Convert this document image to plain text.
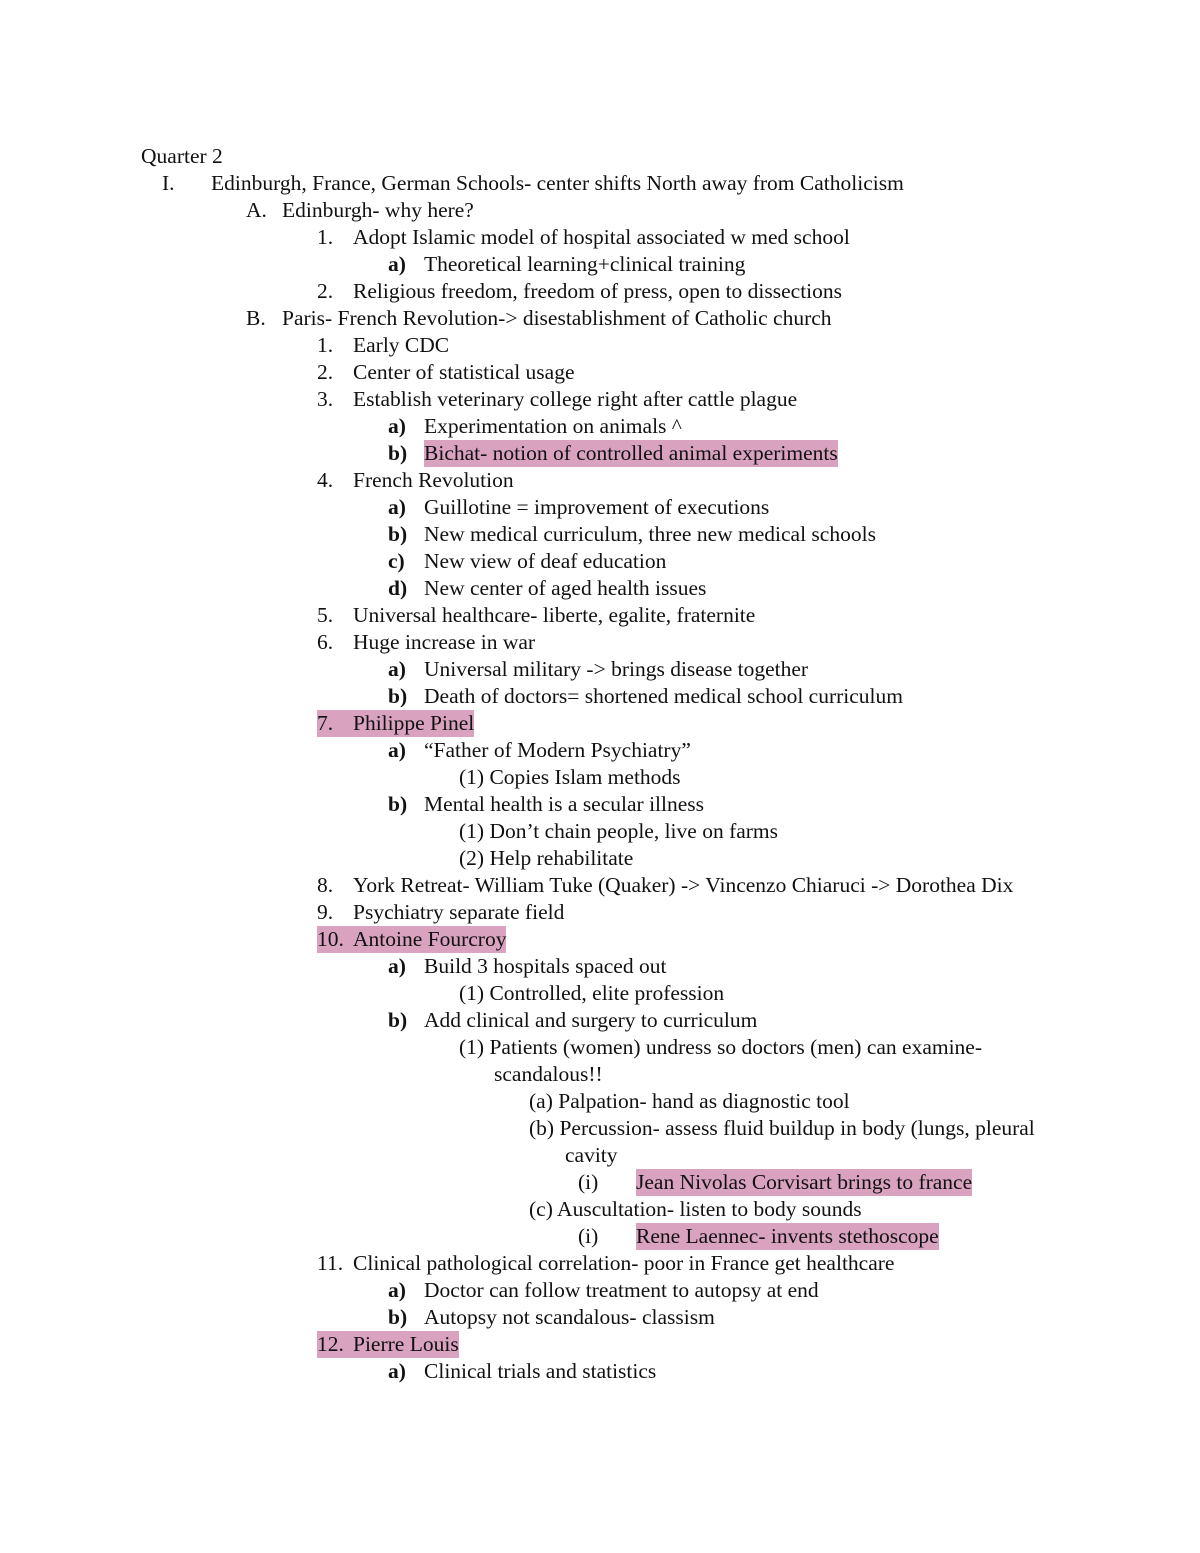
Quarter 2
I. Edinburgh, France, German Schools- center shifts North away from Catholicism
A. Edinburgh- why here?
1. Adopt Islamic model of hospital associated w med school
a) Theoretical learning+clinical training
2. Religious freedom, freedom of press, open to dissections
B. Paris- French Revolution-> disestablishment of Catholic church
1. Early CDC
2. Center of statistical usage
3. Establish veterinary college right after cattle plague
a) Experimentation on animals ^
b) Bichat- notion of controlled animal experiments
4. French Revolution
a) Guillotine = improvement of executions
b) New medical curriculum, three new medical schools
c) New view of deaf education
d) New center of aged health issues
5. Universal healthcare- liberte, egalite, fraternite
6. Huge increase in war
a) Universal military -> brings disease together
b) Death of doctors= shortened medical school curriculum
7. Philippe Pinel
a) “Father of Modern Psychiatry”
(1) Copies Islam methods
b) Mental health is a secular illness
(1) Don’t chain people, live on farms
(2) Help rehabilitate
8. York Retreat- William Tuke (Quaker) -> Vincenzo Chiaruci -> Dorothea Dix
9. Psychiatry separate field
10. Antoine Fourcroy
a) Build 3 hospitals spaced out
(1) Controlled, elite profession
b) Add clinical and surgery to curriculum
(1) Patients (women) undress so doctors (men) can examine-
scandalous!!
(a) Palpation- hand as diagnostic tool
(b) Percussion- assess fluid buildup in body (lungs, pleural
cavity
(i) Jean Nivolas Corvisart brings to france
(c) Auscultation- listen to body sounds
(i) Rene Laennec- invents stethoscope
11. Clinical pathological correlation- poor in France get healthcare
a) Doctor can follow treatment to autopsy at end
b) Autopsy not scandalous- classism
12. Pierre Louis
a) Clinical trials and statistics
